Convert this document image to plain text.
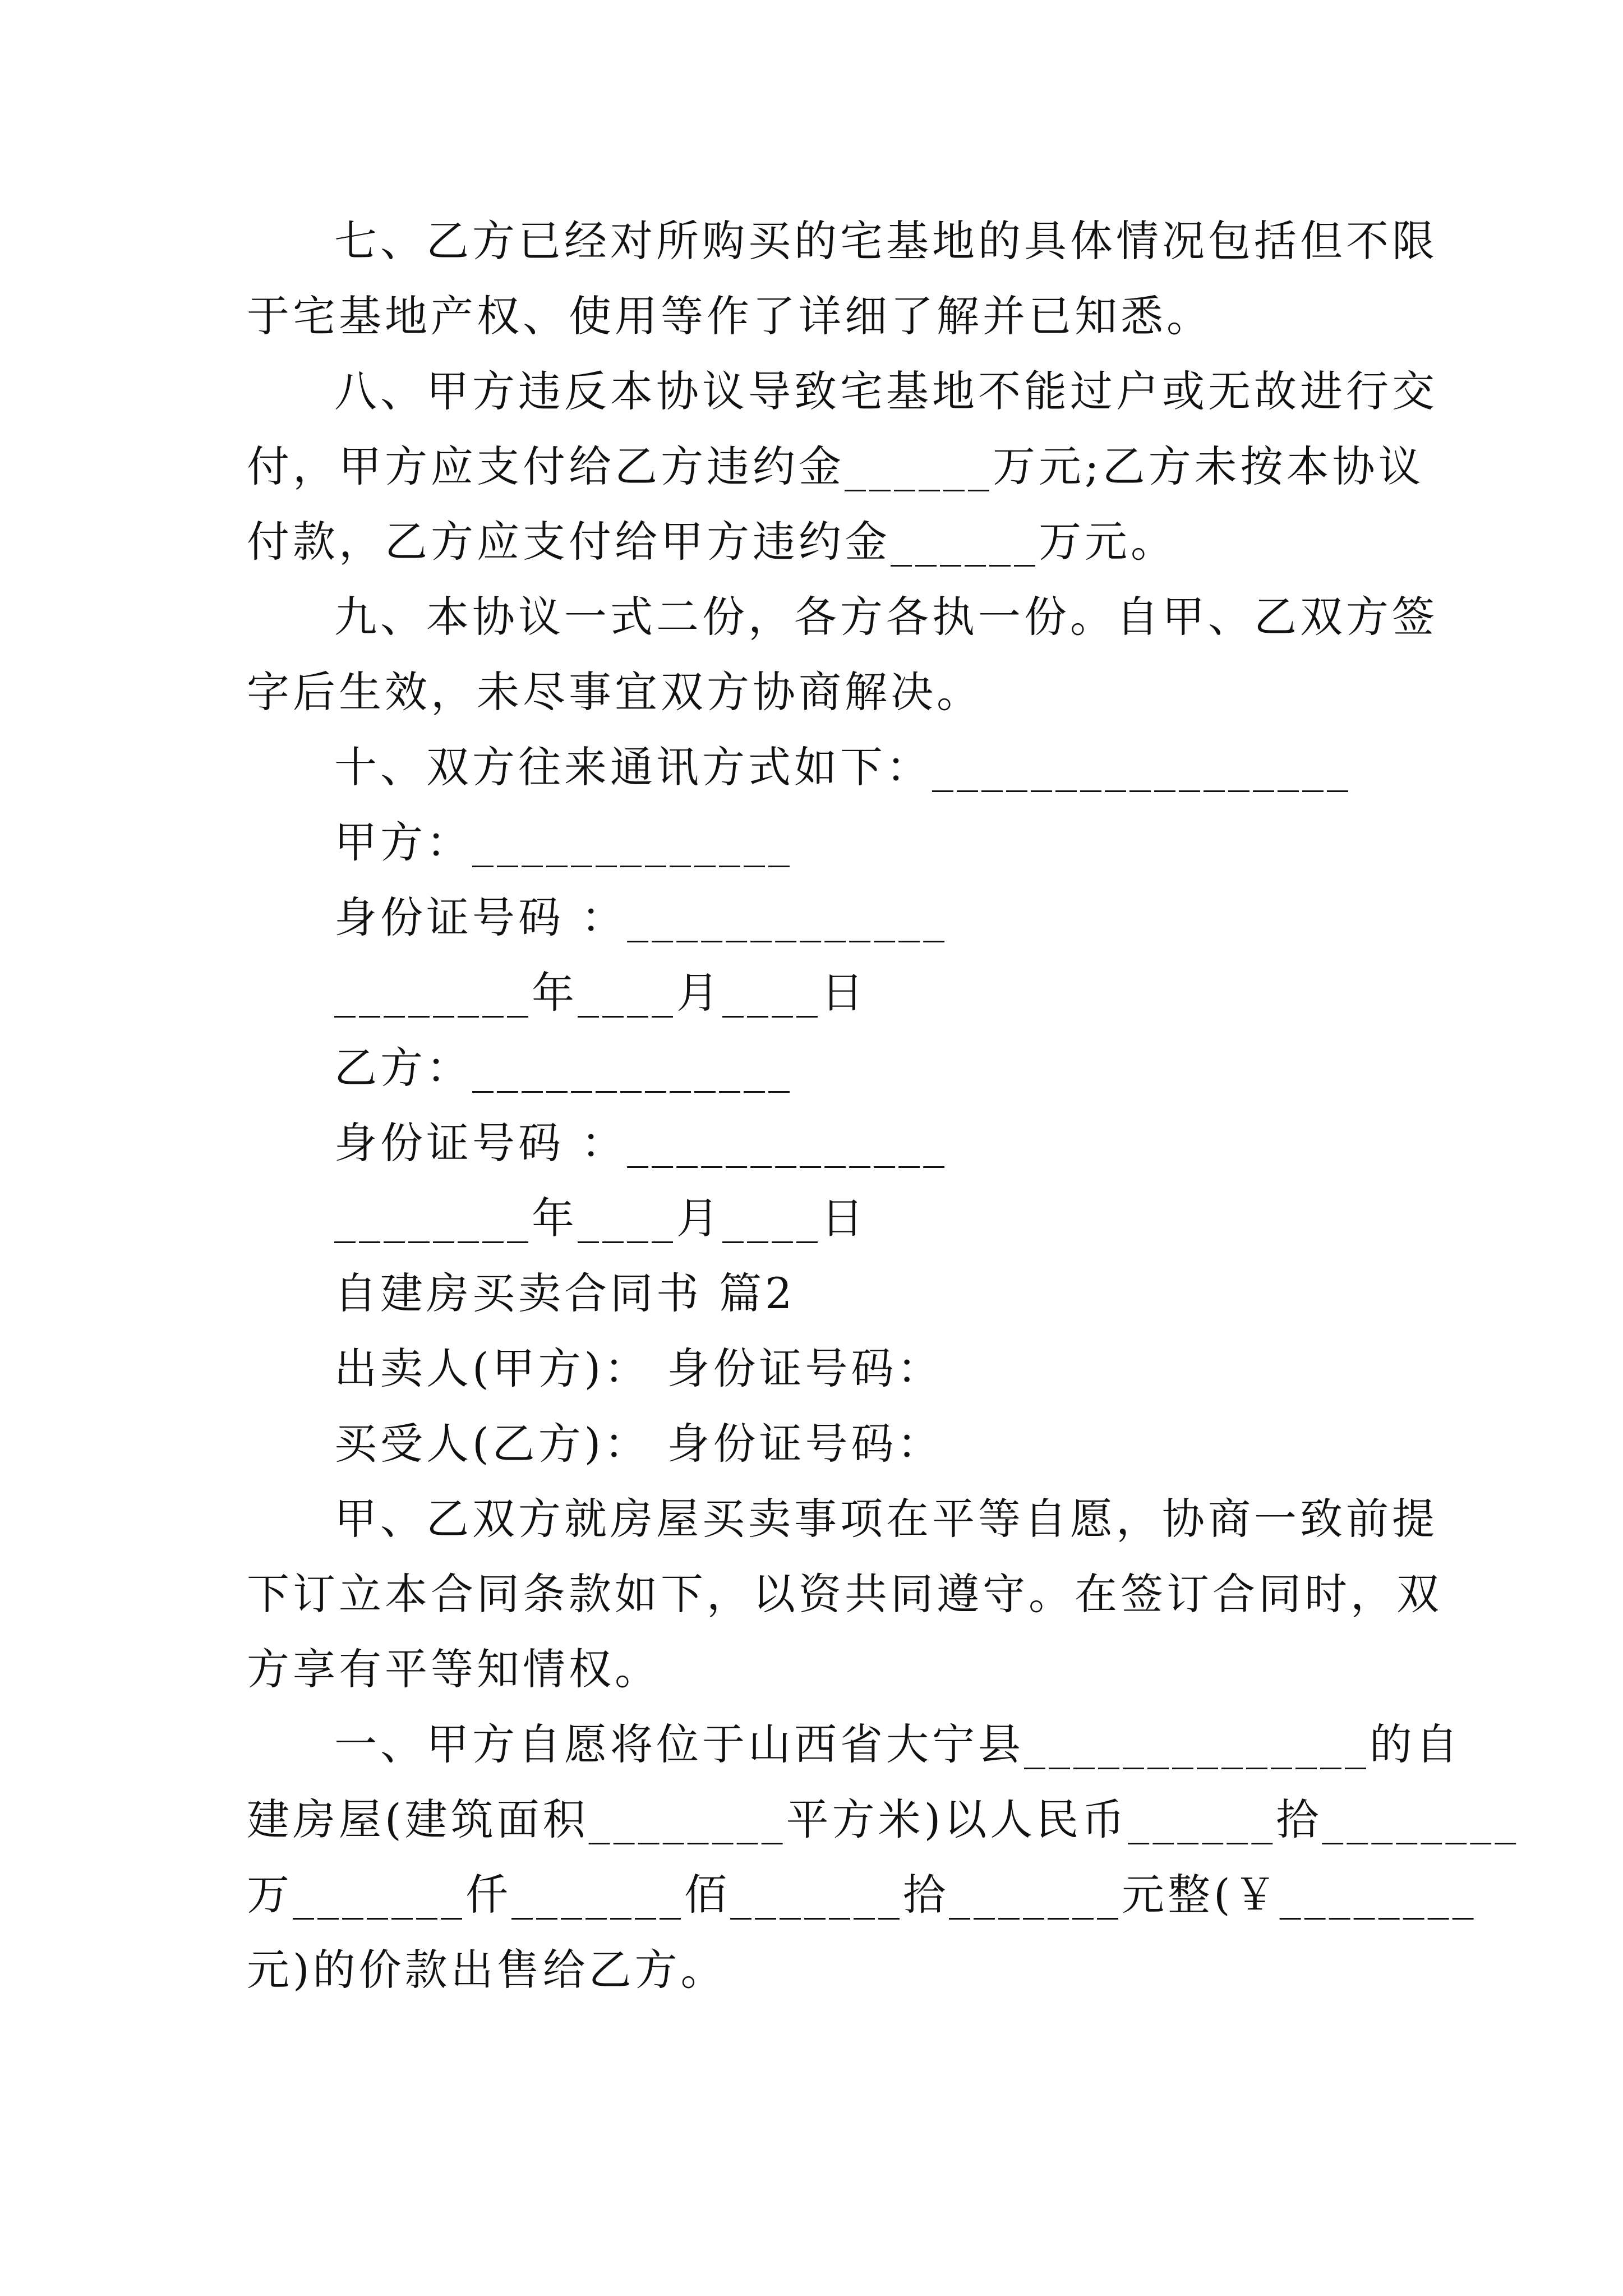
七、乙方已经对所购买的宅基地的具体情况包括但不限
于宅基地产权、使用等作了详细了解并已知悉。
八、甲方违反本协议导致宅基地不能过户或无故进行交
付，甲方应支付给乙方违约金______万元;乙方未按本协议
付款，乙方应支付给甲方违约金______万元。
九、本协议一式二份，各方各执一份。自甲、乙双方签
字后生效，未尽事宜双方协商解决。
十、双方往来通讯方式如下：_________________
甲方：_____________
身份证号码 ：_____________
________年____月____日
乙方：_____________
身份证号码 ：_____________
________年____月____日
自建房买卖合同书 篇2
出卖人(甲方)： 身份证号码：
买受人(乙方)： 身份证号码：
甲、乙双方就房屋买卖事项在平等自愿，协商一致前提
下订立本合同条款如下，以资共同遵守。在签订合同时，双
方享有平等知情权。
一、甲方自愿将位于山西省大宁县______________的自
建房屋(建筑面积________平方米)以人民币______拾________
万_______仟_______佰_______拾_______元整(￥________
元)的价款出售给乙方。
